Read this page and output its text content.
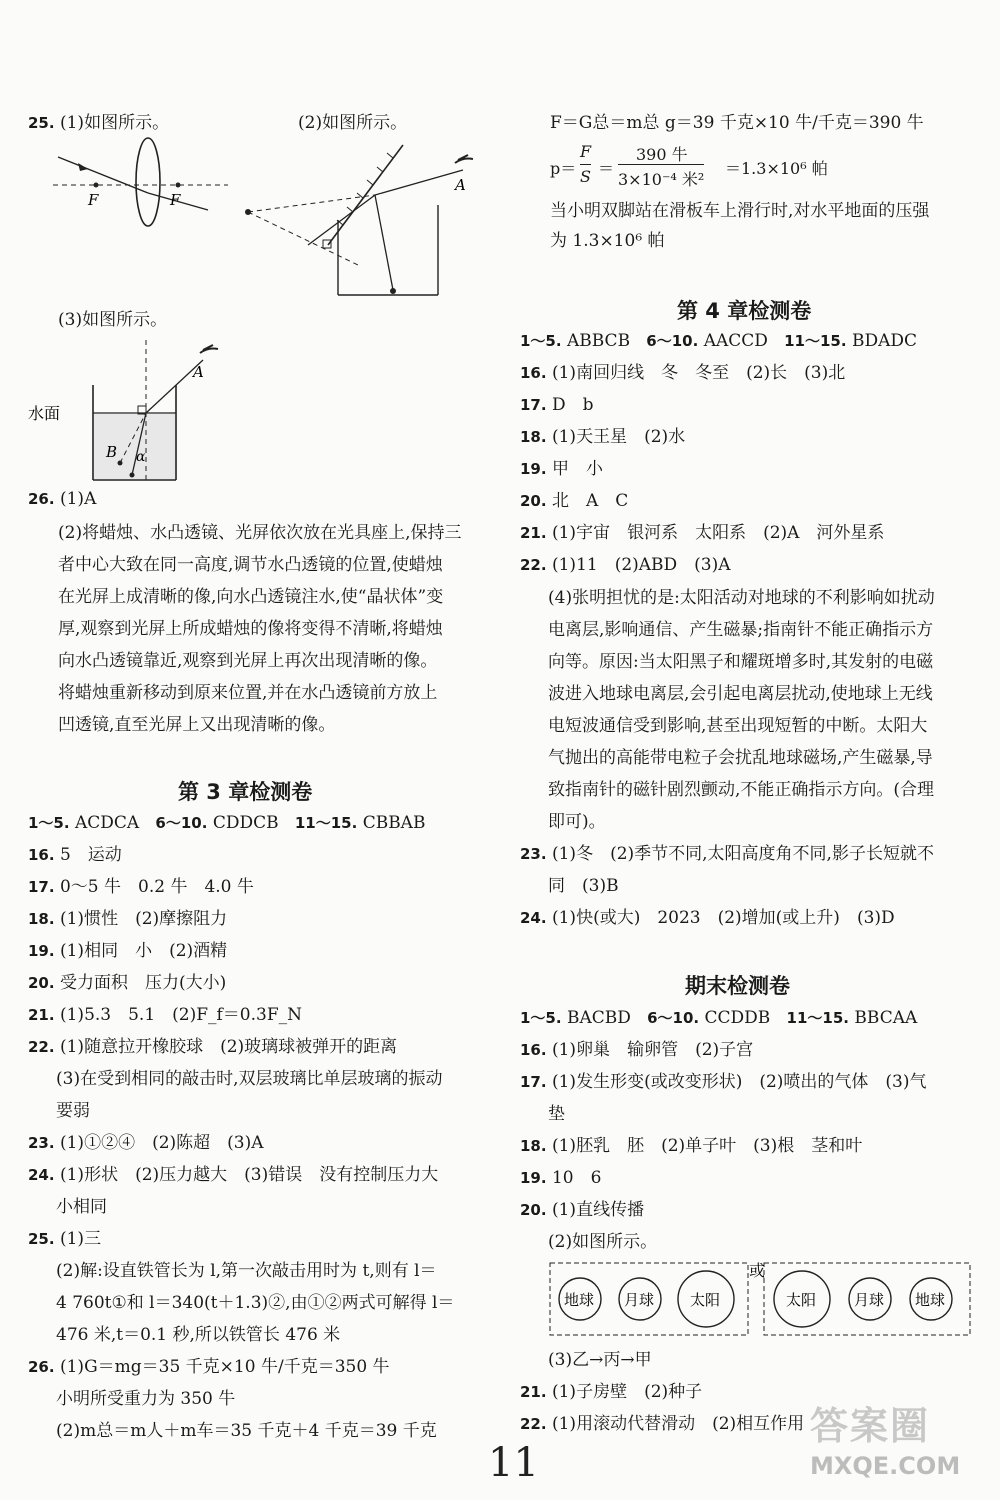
25. (1)如图所示。	(2)如图所示。
F	F
A
(3)如图所示。
A
B α
水面
26. (1)A
(2)将蜡烛、水凸透镜、光屏依次放在光具座上,保持三
者中心大致在同一高度,调节水凸透镜的位置,使蜡烛
在光屏上成清晰的像,向水凸透镜注水,使“晶状体”变
厚,观察到光屏上所成蜡烛的像将变得不清晰,将蜡烛
向水凸透镜靠近,观察到光屏上再次出现清晰的像。
将蜡烛重新移动到原来位置,并在水凸透镜前方放上
凹透镜,直至光屏上又出现清晰的像。
第 3 章检测卷
1～5. ACDCA 6～10. CDDCB 11～15. CBBAB
16. 5　运动
17. 0～5 牛　0.2 牛　4.0 牛
18. (1)惯性　(2)摩擦阻力
19. (1)相同　小　(2)酒精
20. 受力面积　压力(大小)
21. (1)5.3　5.1　(2)F_f＝0.3F_N
22. (1)随意拉开橡胶球　(2)玻璃球被弹开的距离
(3)在受到相同的敲击时,双层玻璃比单层玻璃的振动
要弱
23. (1)①②④　(2)陈超　(3)A
24. (1)形状　(2)压力越大　(3)错误　没有控制压力大
小相同
25. (1)三
(2)解:设直铁管长为 l,第一次敲击用时为 t,则有 l＝
4 760t①和 l＝340(t＋1.3)②,由①②两式可解得 l＝
476 米,t＝0.1 秒,所以铁管长 476 米
26. (1)G＝mg＝35 千克×10 牛/千克＝350 牛
小明所受重力为 350 牛
(2)m总＝m人＋m车＝35 千克＋4 千克＝39 千克
F＝G总＝m总 g＝39 千克×10 牛/千克＝390 牛
p＝
F
S ＝
390 牛
3×10⁻⁴ 米²
＝1.3×10⁶ 帕
当小明双脚站在滑板车上滑行时,对水平地面的压强
为 1.3×10⁶ 帕
第 4 章检测卷
1～5. ABBCB 6～10. AACCD 11～15. BDADC
16. (1)南回归线　冬　冬至　(2)长　(3)北
17. D　b
18. (1)天王星　(2)水
19. 甲　小
20. 北　A　C
21. (1)宇宙　银河系　太阳系　(2)A　河外星系
22. (1)11　(2)ABD　(3)A
(4)张明担忧的是:太阳活动对地球的不利影响如扰动
电离层,影响通信、产生磁暴;指南针不能正确指示方
向等。原因:当太阳黑子和耀斑增多时,其发射的电磁
波进入地球电离层,会引起电离层扰动,使地球上无线
电短波通信受到影响,甚至出现短暂的中断。太阳大
气抛出的高能带电粒子会扰乱地球磁场,产生磁暴,导
致指南针的磁针剧烈颤动,不能正确指示方向。(合理
即可)。
23. (1)冬　(2)季节不同,太阳高度角不同,影子长短就不
同　(3)B
24. (1)快(或大)　2023　(2)增加(或上升)　(3)D
期末检测卷
1～5. BACBD 6～10. CCDDB 11～15. BBCAA
16. (1)卵巢　输卵管　(2)子宫
17. (1)发生形变(或改变形状)　(2)喷出的气体　(3)气
垫
18. (1)胚乳　胚　(2)单子叶　(3)根　茎和叶
19. 10　6
20. (1)直线传播
(2)如图所示。
地球 月球 太阳
或
太阳	月球 地球
(3)乙→丙→甲
21. (1)子房壁　(2)种子
22. (1)用滚动代替滑动　(2)相互作用
11
答案圈
MXQE.COM
